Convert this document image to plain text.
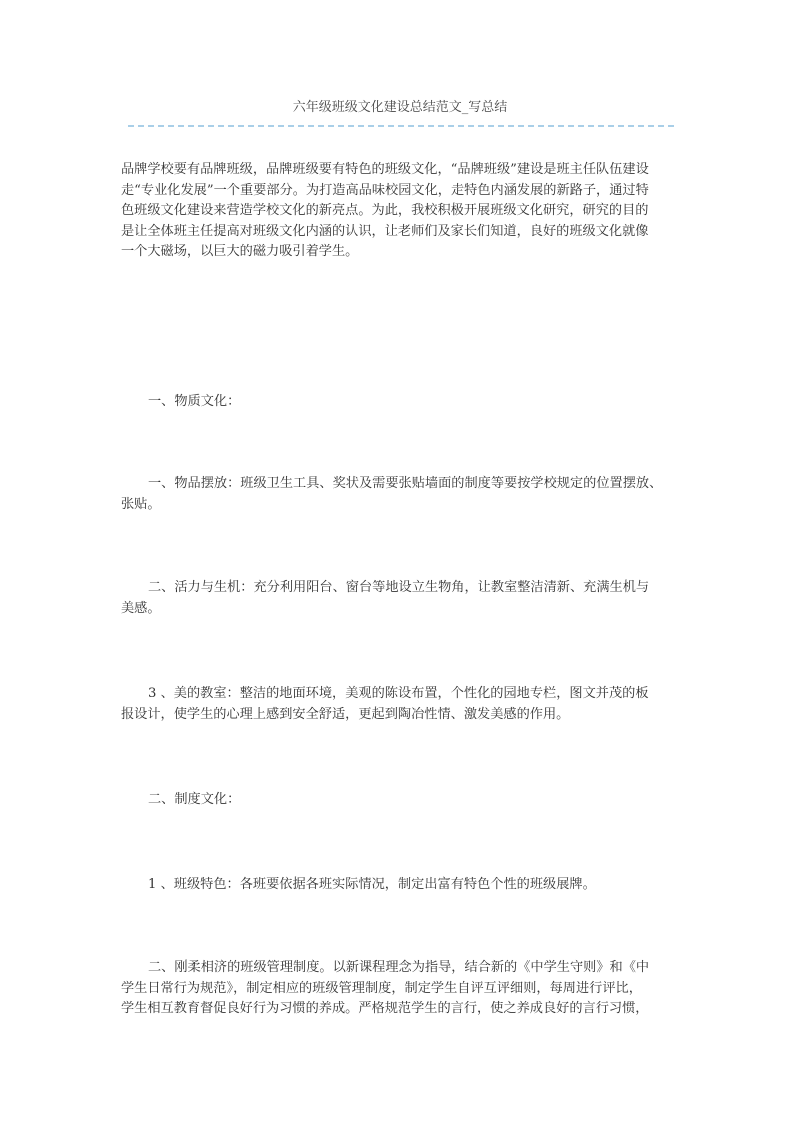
六年级班级文化建设总结范文_写总结
品牌学校要有品牌班级，品牌班级要有特色的班级文化，“品牌班级”建设是班主任队伍建设
走“专业化发展”一个重要部分。为打造高品味校园文化，走特色内涵发展的新路子，通过特
色班级文化建设来营造学校文化的新亮点。为此，我校积极开展班级文化研究，研究的目的
是让全体班主任提高对班级文化内涵的认识，让老师们及家长们知道，良好的班级文化就像
一个大磁场，以巨大的磁力吸引着学生。
一、物质文化：
一、物品摆放：班级卫生工具、奖状及需要张贴墙面的制度等要按学校规定的位置摆放、
张贴。
二、活力与生机：充分利用阳台、窗台等地设立生物角，让教室整洁清新、充满生机与
美感。
3 、美的教室：整洁的地面环境，美观的陈设布置，个性化的园地专栏，图文并茂的板
报设计，使学生的心理上感到安全舒适，更起到陶冶性情、激发美感的作用。
二、制度文化：
1 、班级特色：各班要依据各班实际情况，制定出富有特色个性的班级展牌。
二、刚柔相济的班级管理制度。以新课程理念为指导，结合新的《中学生守则》和《中
学生日常行为规范》，制定相应的班级管理制度，制定学生自评互评细则，每周进行评比，
学生相互教育督促良好行为习惯的养成。严格规范学生的言行，使之养成良好的言行习惯，
